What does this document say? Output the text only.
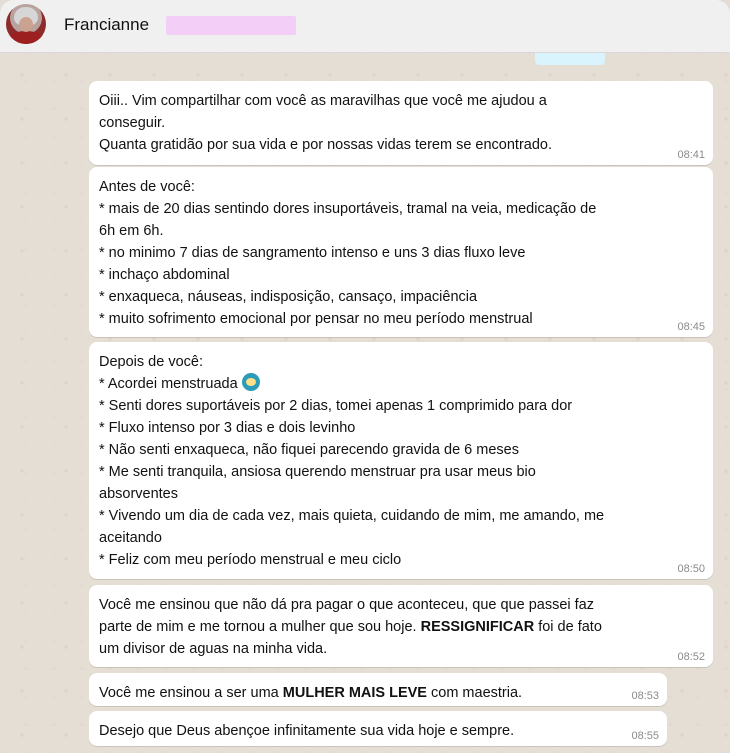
Francianne
Oiii.. Vim compartilhar com você as maravilhas que você me ajudou a
conseguir.
Quanta gratidão por sua vida e por nossas vidas terem se encontrado.
08:41
Antes de você:
* mais de 20 dias sentindo dores insuportáveis, tramal na veia, medicação de
6h em 6h.
* no minimo 7 dias de sangramento intenso e uns 3 dias fluxo leve
* inchaço abdominal
* enxaqueca, náuseas, indisposição, cansaço, impaciência
* muito sofrimento emocional por pensar no meu período menstrual	08:45
Depois de você:
* Acordei menstruada
* Senti dores suportáveis por 2 dias, tomei apenas 1 comprimido para dor
* Fluxo intenso por 3 dias e dois levinho
* Não senti enxaqueca, não fiquei parecendo gravida de 6 meses
* Me senti tranquila, ansiosa querendo menstruar pra usar meus bio
absorventes
* Vivendo um dia de cada vez, mais quieta, cuidando de mim, me amando, me
aceitando
* Feliz com meu período menstrual e meu ciclo
08:50
Você me ensinou que não dá pra pagar o que aconteceu, que que passei faz
parte de mim e me tornou a mulher que sou hoje. RESSIGNIFICAR foi de fato
um divisor de aguas na minha vida.	08:52
Você me ensinou a ser uma MULHER MAIS LEVE com maestria.	08:53
Desejo que Deus abençoe infinitamente sua vida hoje e sempre.	08:55
